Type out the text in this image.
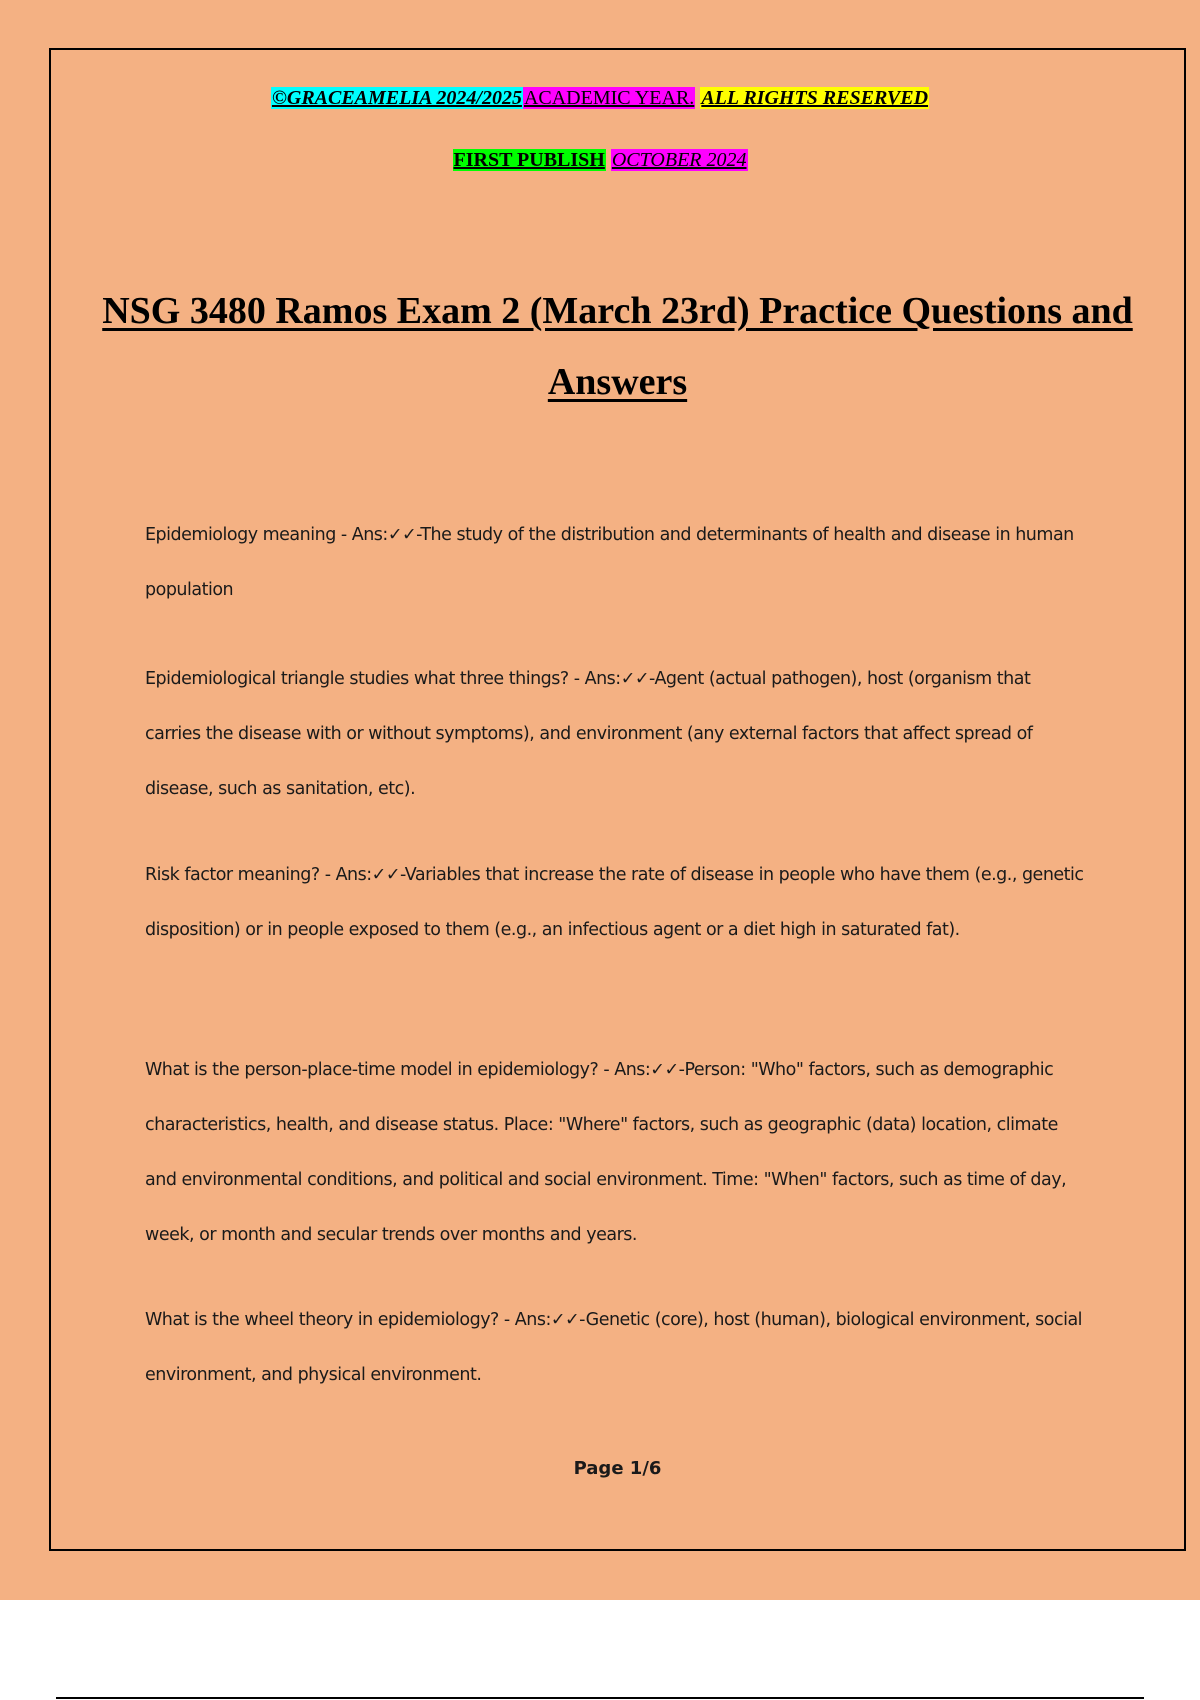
©GRACEAMELIA 2024/2025 ACADEMIC YEAR. ALL RIGHTS RESERVED
FIRST PUBLISH OCTOBER 2024
NSG 3480 Ramos Exam 2 (March 23rd) Practice Questions and Answers
Epidemiology meaning - Ans:✓✓-The study of the distribution and determinants of health and disease in human population
Epidemiological triangle studies what three things? - Ans:✓✓-Agent (actual pathogen), host (organism that carries the disease with or without symptoms), and environment (any external factors that affect spread of disease, such as sanitation, etc).
Risk factor meaning? - Ans:✓✓-Variables that increase the rate of disease in people who have them (e.g., genetic disposition) or in people exposed to them (e.g., an infectious agent or a diet high in saturated fat).
What is the person-place-time model in epidemiology? - Ans:✓✓-Person: "Who" factors, such as demographic characteristics, health, and disease status. Place: "Where" factors, such as geographic (data) location, climate and environmental conditions, and political and social environment. Time: "When" factors, such as time of day, week, or month and secular trends over months and years.
What is the wheel theory in epidemiology? - Ans:✓✓-Genetic (core), host (human), biological environment, social environment, and physical environment.
Page 1/6
